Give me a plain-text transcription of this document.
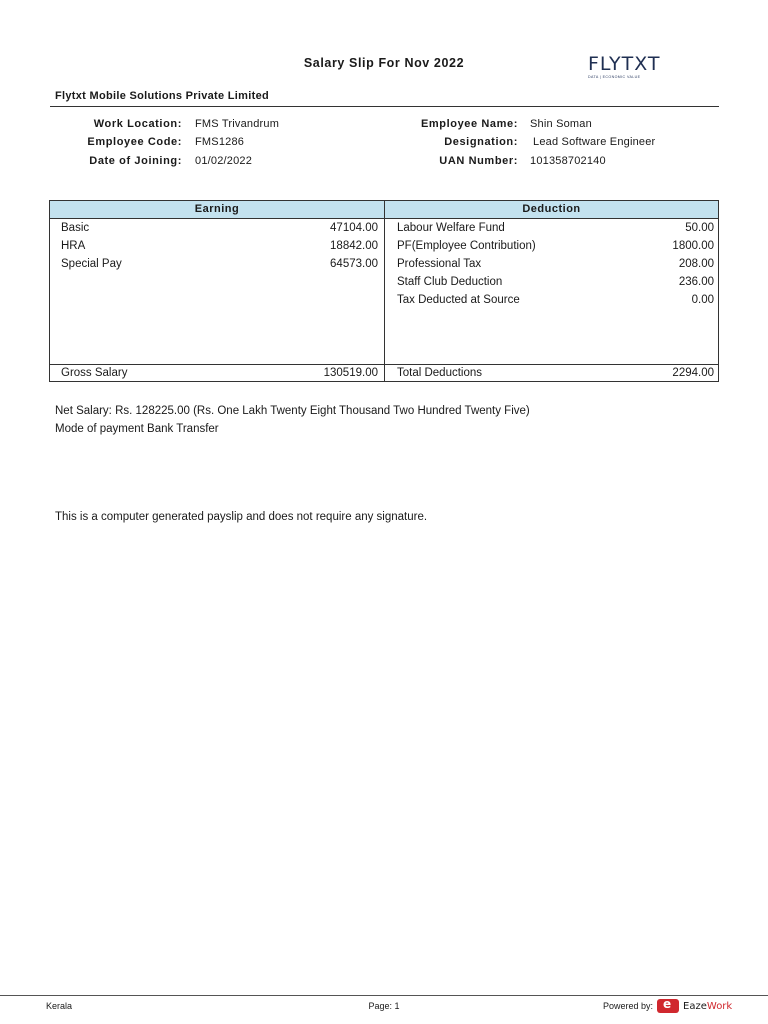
Salary Slip For Nov 2022	FLYTXT
DATA | ECONOMIC VALUE
Flytxt Mobile Solutions Private Limited
Work Location: FMS Trivandrum
Employee Code: FMS1286
Date of Joining: 01/02/2022
Employee Name: Shin Soman
Designation: Lead Software Engineer
UAN Number: 101358702140
Earning	Deduction
Basic	47104.00
HRA	18842.00
Special Pay	64573.00
Labour Welfare Fund	50.00
PF(Employee Contribution)	1800.00
Professional Tax	208.00
Staff Club Deduction	236.00
Tax Deducted at Source	0.00
Gross Salary	130519.00 Total Deductions	2294.00
Net Salary: Rs. 128225.00 (Rs. One Lakh Twenty Eight Thousand Two Hundred Twenty Five)
Mode of payment Bank Transfer
This is a computer generated payslip and does not require any signature.
Kerala	Page: 1	Powered by:
e	EazeWork
